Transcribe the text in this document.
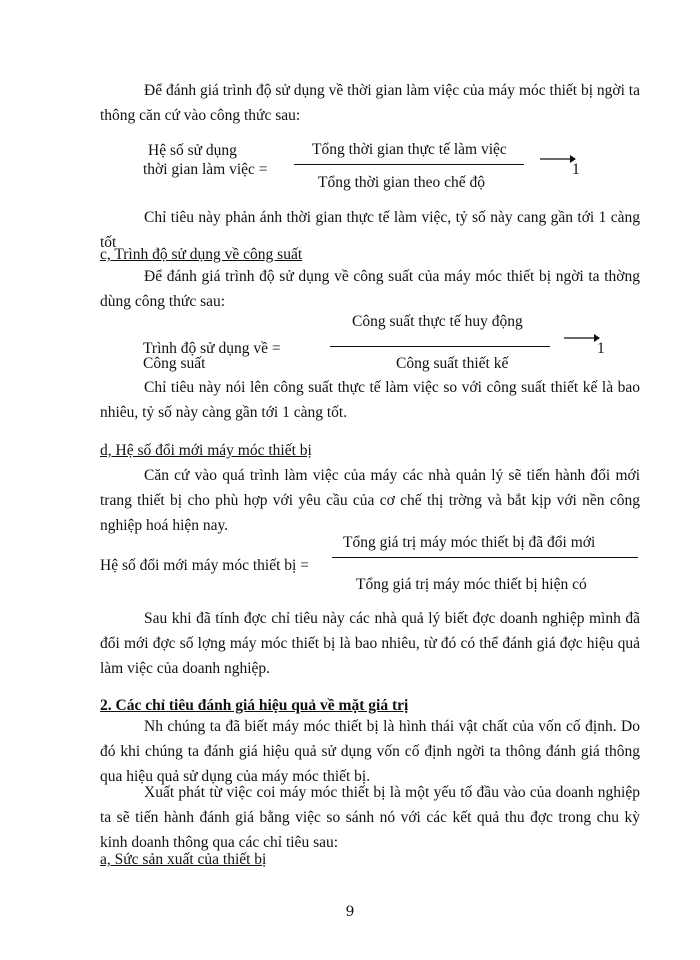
Để đánh giá trình độ sử dụng về thời gian làm việc của máy móc thiết bị ngời ta thông căn cứ vào công thức sau:

Hệ số sử dụng
thời gian làm việc =
Tổng thời gian thực tế làm việc
Tổng thời gian theo chế độ
1

Chỉ tiêu này phản ánh thời gian thực tế làm việc, tỷ số này cang gần tới 1 càng tốt

c, Trình độ sử dụng về công suất

Để đánh giá trình độ sử dụng về công suất của máy móc thiết bị ngời ta thờng dùng công thức sau:

Công suất thực tế huy động
Trình độ sử dụng về =	1
Công suất	Công suất thiết kế

Chỉ tiêu này nói lên công suất thực tế làm việc so với công suất thiết kế là bao nhiêu, tỷ số này càng gần tới 1 càng tốt.

d, Hệ số đổi mới máy móc thiết bị

Căn cứ vào quá trình làm việc của máy các nhà quản lý sẽ tiến hành đổi mới trang thiết bị cho phù hợp với yêu cầu của cơ chế thị trờng và bắt kịp với nền công nghiệp hoá hiện nay.

Tổng giá trị máy móc thiết bị đã đổi mới
Hệ số đổi mới máy móc thiết bị =
Tổng giá trị máy móc thiết bị hiện có

Sau khi đã tính đợc chỉ tiêu này các nhà quả lý biết đợc doanh nghiệp mình đã đổi mới đợc số lợng máy móc thiết bị là bao nhiêu, từ đó có thể đánh giá đợc hiệu quả làm việc của doanh nghiệp.

2. Các chỉ tiêu đánh giá hiệu quả về mặt giá trị

Nh chúng ta đã biết máy móc thiết bị là hình thái vật chất của vốn cố định. Do đó khi chúng ta đánh giá hiệu quả sử dụng vốn cố định ngời ta thông đánh giá thông qua hiệu quả sử dụng của máy móc thiết bị.

Xuất phát từ việc coi máy móc thiết bị là một yếu tố đầu vào của doanh nghiệp ta sẽ tiến hành đánh giá bằng việc so sánh nó với các kết quả thu đợc trong chu kỳ kinh doanh thông qua các chỉ tiêu sau:

a, Sức sản xuất của thiết bị
9
